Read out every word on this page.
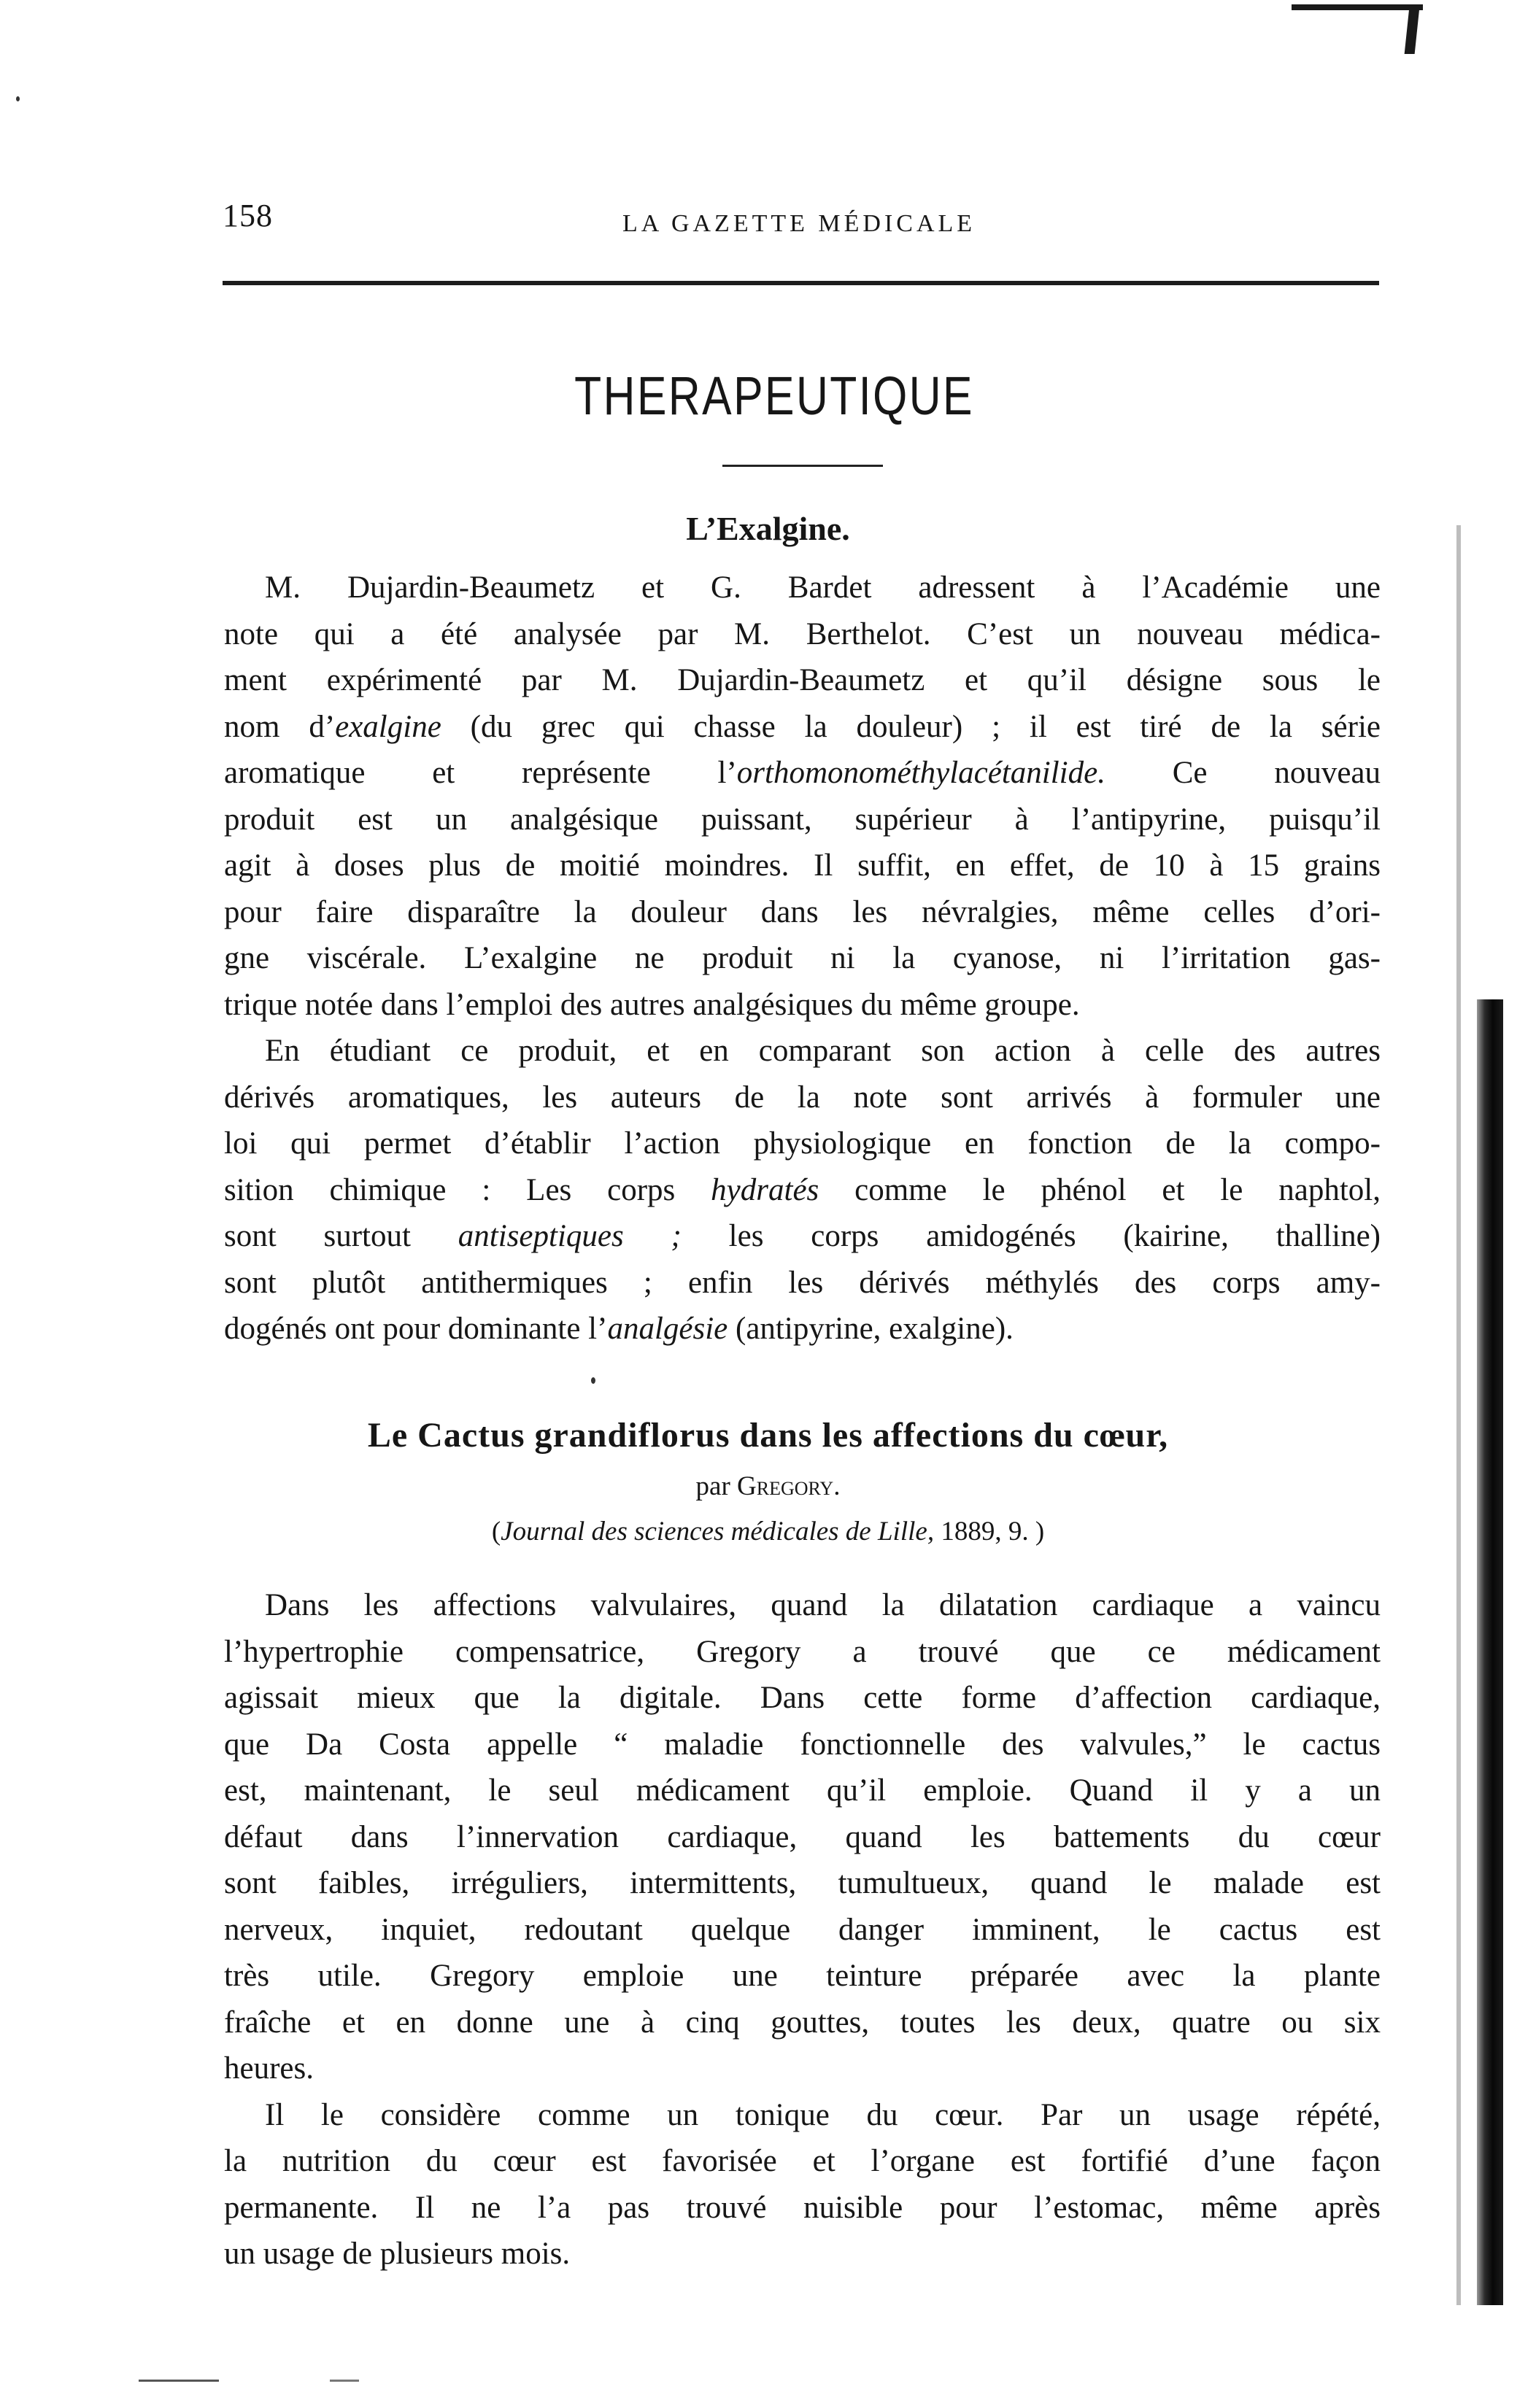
158	LA GAZETTE MÉDICALE
THERAPEUTIQUE
L’Exalgine.
M. Dujardin-Beaumetz et G. Bardet adressent à l’Académie une
note qui a été analysée par M. Berthelot. C’est un nouveau médica-
ment expérimenté par M. Dujardin-Beaumetz et qu’il désigne sous le
nom d’exalgine (du grec qui chasse la douleur) ; il est tiré de la série
aromatique et représente l’orthomonométhylacétanilide. Ce nouveau
produit est un analgésique puissant, supérieur à l’antipyrine, puisqu’il
agit à doses plus de moitié moindres. Il suffit, en effet, de 10 à 15 grains
pour faire disparaître la douleur dans les névralgies, même celles d’ori-
gne viscérale. L’exalgine ne produit ni la cyanose, ni l’irritation gas-
trique notée dans l’emploi des autres analgésiques du même groupe.
En étudiant ce produit, et en comparant son action à celle des autres
dérivés aromatiques, les auteurs de la note sont arrivés à formuler une
loi qui permet d’établir l’action physiologique en fonction de la compo-
sition chimique : Les corps hydratés comme le phénol et le naphtol,
sont surtout antiseptiques ; les corps amidogénés (kairine, thalline)
sont plutôt antithermiques ; enfin les dérivés méthylés des corps amy-
dogénés ont pour dominante l’analgésie (antipyrine, exalgine).
Le Cactus grandiflorus dans les affections du cœur,
par Gregory.
(Journal des sciences médicales de Lille, 1889, 9. )
Dans les affections valvulaires, quand la dilatation cardiaque a vaincu
l’hypertrophie compensatrice, Gregory a trouvé que ce médicament
agissait mieux que la digitale. Dans cette forme d’affection cardiaque,
que Da Costa appelle “ maladie fonctionnelle des valvules,” le cactus
est, maintenant, le seul médicament qu’il emploie. Quand il y a un
défaut dans l’innervation cardiaque, quand les battements du cœur
sont faibles, irréguliers, intermittents, tumultueux, quand le malade est
nerveux, inquiet, redoutant quelque danger imminent, le cactus est
très utile. Gregory emploie une teinture préparée avec la plante
fraîche et en donne une à cinq gouttes, toutes les deux, quatre ou six
heures.
Il le considère comme un tonique du cœur. Par un usage répété,
la nutrition du cœur est favorisée et l’organe est fortifié d’une façon
permanente. Il ne l’a pas trouvé nuisible pour l’estomac, même après
un usage de plusieurs mois.
